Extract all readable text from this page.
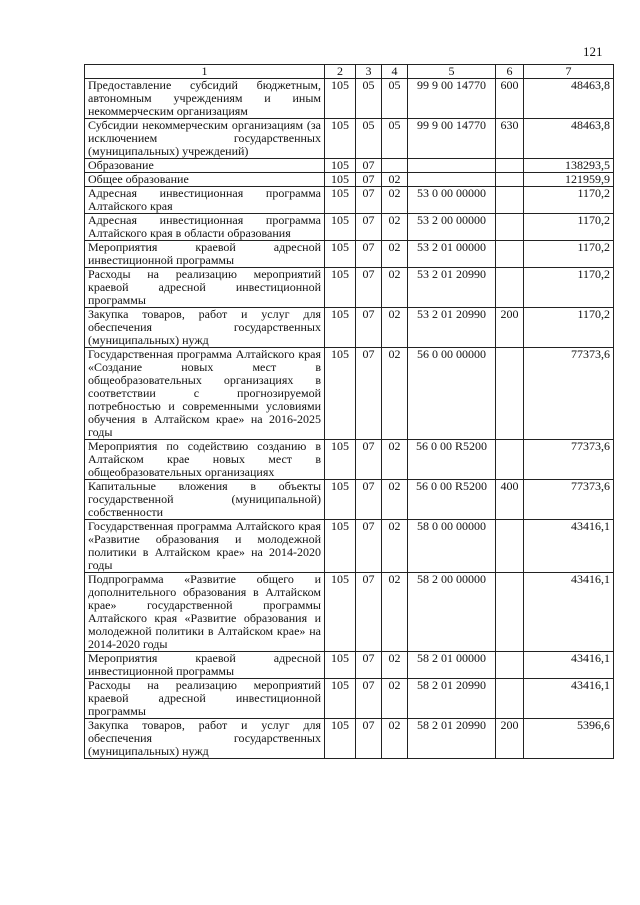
121
1	2	3	4	5	6	7
Предоставление субсидий бюджетным, автономным учреждениям и иным некоммерческим организациям	105	05	05	99 9 00 14770	600	48463,8
Субсидии некоммерческим организациям (за исключением государственных (муниципальных) учреждений)	105	05	05	99 9 00 14770	630	48463,8
Образование	105	07				138293,5
Общее образование	105	07	02			121959,9
Адресная инвестиционная программа Алтайского края	105	07	02	53 0 00 00000		1170,2
Адресная инвестиционная программа Алтайского края в области образования	105	07	02	53 2 00 00000		1170,2
Мероприятия краевой адресной инвестиционной программы	105	07	02	53 2 01 00000		1170,2
Расходы на реализацию мероприятий краевой адресной инвестиционной программы	105	07	02	53 2 01 20990		1170,2
Закупка товаров, работ и услуг для обеспечения государственных (муниципальных) нужд	105	07	02	53 2 01 20990	200	1170,2
Государственная программа Алтайского края «Создание новых мест в общеобразовательных организациях в соответствии с прогнозируемой потребностью и современными условиями обучения в Алтайском крае» на 2016-2025 годы	105	07	02	56 0 00 00000		77373,6
Мероприятия по содействию созданию в Алтайском крае новых мест в общеобразовательных организациях	105	07	02	56 0 00 R5200		77373,6
Капитальные вложения в объекты государственной (муниципальной) собственности	105	07	02	56 0 00 R5200	400	77373,6
Государственная программа Алтайского края «Развитие образования и молодежной политики в Алтайском крае» на 2014-2020 годы	105	07	02	58 0 00 00000		43416,1
Подпрограмма «Развитие общего и дополнительного образования в Алтайском крае» государственной программы Алтайского края «Развитие образования и молодежной политики в Алтайском крае» на 2014-2020 годы	105	07	02	58 2 00 00000		43416,1
Мероприятия краевой адресной инвестиционной программы	105	07	02	58 2 01 00000		43416,1
Расходы на реализацию мероприятий краевой адресной инвестиционной программы	105	07	02	58 2 01 20990		43416,1
Закупка товаров, работ и услуг для обеспечения государственных (муниципальных) нужд	105	07	02	58 2 01 20990	200	5396,6
